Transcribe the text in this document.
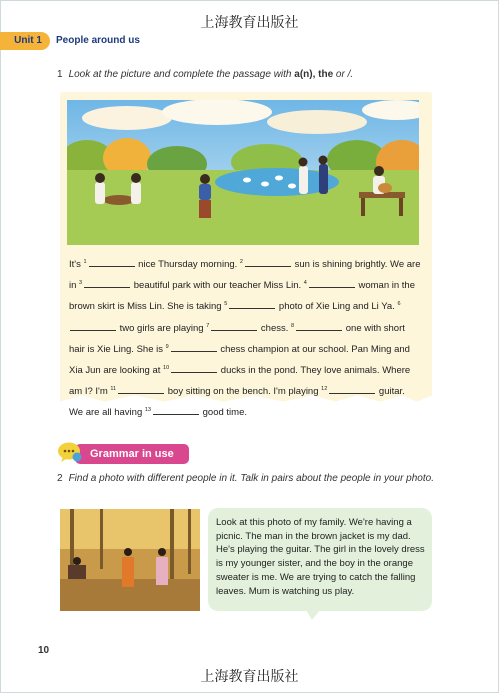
上海教育出版社
Unit 1	People around us
1 Look at the picture and complete the passage with a(n), the or /.
It's $^1$	nice Thursday morning. $^2$	sun is shining brightly. We are in $^3$	beautiful park with our teacher Miss Lin. $^4$	woman in the brown skirt is Miss Lin. She is taking $^5$	photo of Xie Ling and Li Ya. $^6$ two girls are playing $^7$	chess. $^8$	one with short hair is Xie Ling. She is $^9$	chess champion at our school. Pan Ming and Xia Jun are looking at $^{10}$	ducks in the pond. They love animals. Where am I? I'm $^{11}$	boy sitting on the bench. I'm playing $^{12}$	guitar. We are all having $^{13}$	good time.
Grammar in use
2 Find a photo with different people in it. Talk in pairs about the people in your photo.
Look at this photo of my family. We're having a picnic. The man in the brown jacket is my dad. He's playing the guitar. The girl in the lovely dress is my younger sister, and the boy in the orange sweater is me. We are trying to catch the falling leaves. Mum is watching us play.
10
上海教育出版社
